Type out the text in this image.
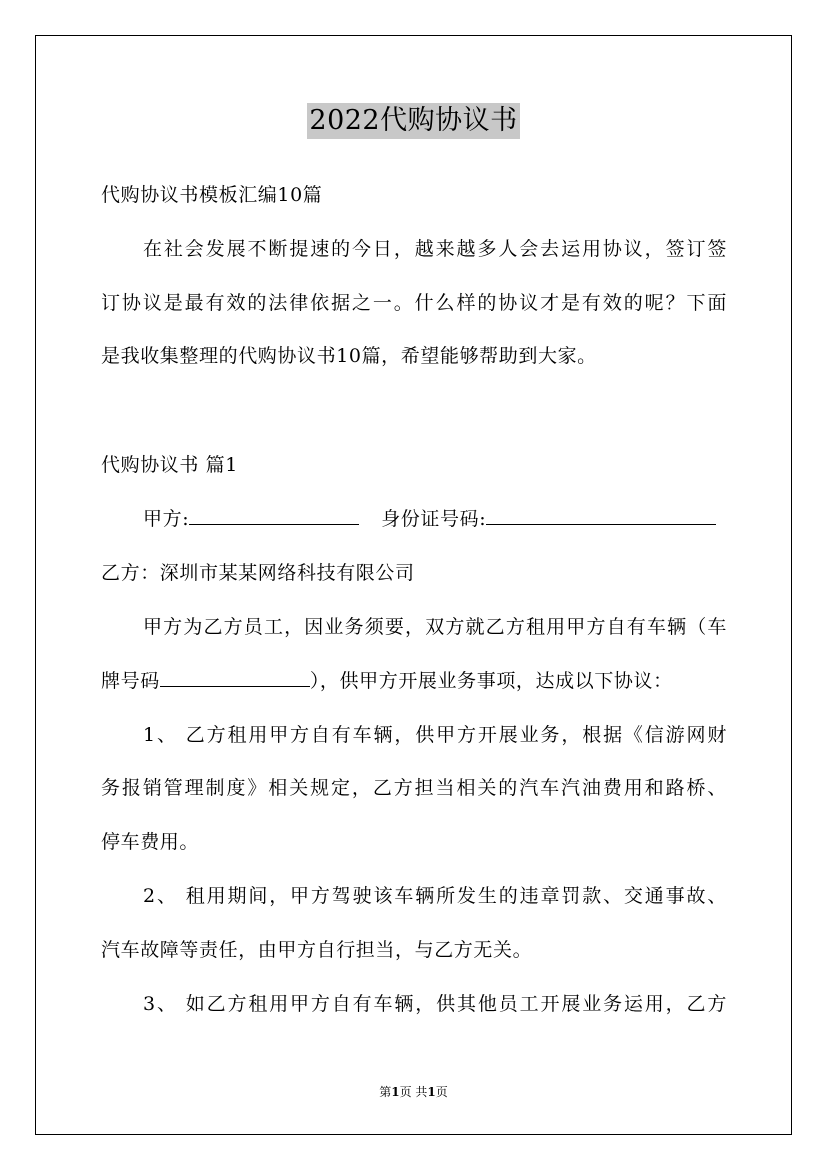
2022代购协议书
代购协议书模板汇编10篇
在社会发展不断提速的今日，越来越多人会去运用协议，签订签
订协议是最有效的法律依据之一。什么样的协议才是有效的呢？下面
是我收集整理的代购协议书10篇，希望能够帮助到大家。
代购协议书 篇1
甲方:	身份证号码:
乙方：深圳市某某网络科技有限公司
甲方为乙方员工，因业务须要，双方就乙方租用甲方自有车辆（车
牌号码	），供甲方开展业务事项，达成以下协议：
1、 乙方租用甲方自有车辆，供甲方开展业务，根据《信游网财
务报销管理制度》相关规定，乙方担当相关的汽车汽油费用和路桥、
停车费用。
2、 租用期间，甲方驾驶该车辆所发生的违章罚款、交通事故、
汽车故障等责任，由甲方自行担当，与乙方无关。
3、 如乙方租用甲方自有车辆，供其他员工开展业务运用，乙方
第1页 共1页
